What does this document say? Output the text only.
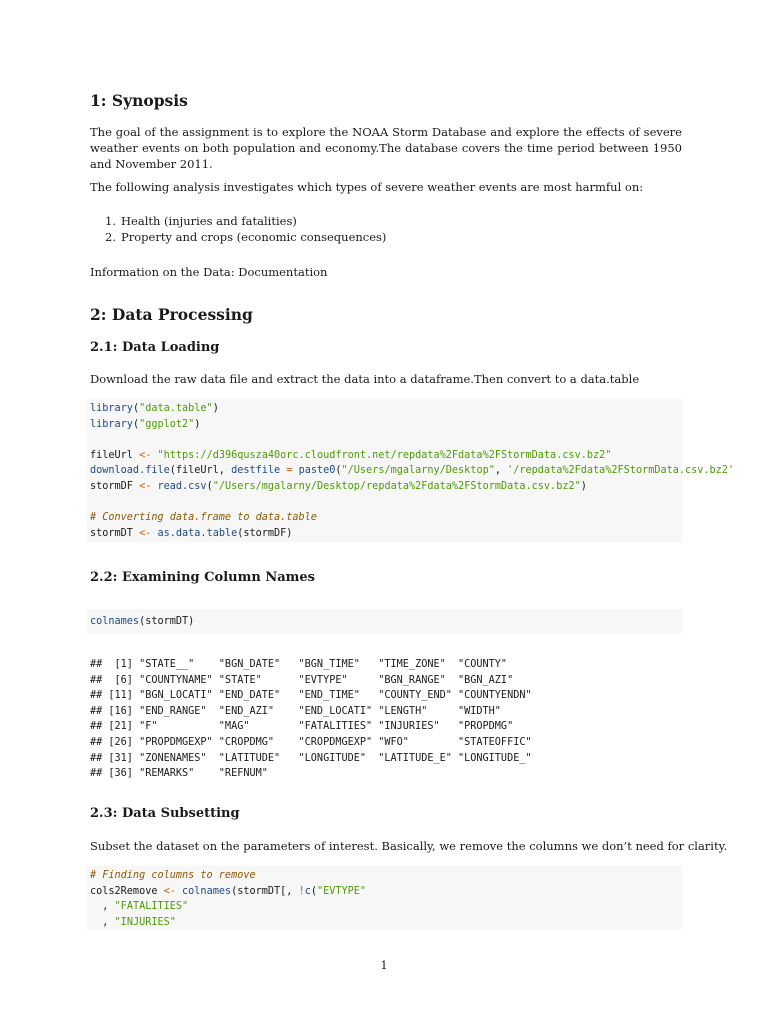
1: Synopsis

The goal of the assignment is to explore the NOAA Storm Database and explore the effects of severe weather events on both population and economy.The database covers the time period between 1950 and November 2011.

The following analysis investigates which types of severe weather events are most harmful on:

1. Health (injuries and fatalities)
2. Property and crops (economic consequences)

Information on the Data: Documentation

2: Data Processing
2.1: Data Loading

Download the raw data file and extract the data into a dataframe.Then convert to a data.table

library("data.table")
library("ggplot2")

fileUrl <- "https://d396qusza40orc.cloudfront.net/repdata%2Fdata%2FStormData.csv.bz2"
download.file(fileUrl, destfile = paste0("/Users/mgalarny/Desktop", '/repdata%2Fdata%2FStormData.csv.bz2'
stormDF <- read.csv("/Users/mgalarny/Desktop/repdata%2Fdata%2FStormData.csv.bz2")

# Converting data.frame to data.table
stormDT <- as.data.table(stormDF)
2.2: Examining Column Names
colnames(stormDT)
##  [1] "STATE__"    "BGN_DATE"   "BGN_TIME"   "TIME_ZONE"  "COUNTY"
##  [6] "COUNTYNAME" "STATE"      "EVTYPE"     "BGN_RANGE"  "BGN_AZI"
## [11] "BGN_LOCATI" "END_DATE"   "END_TIME"   "COUNTY_END" "COUNTYENDN"
## [16] "END_RANGE"  "END_AZI"    "END_LOCATI" "LENGTH"     "WIDTH"
## [21] "F"          "MAG"        "FATALITIES" "INJURIES"   "PROPDMG"
## [26] "PROPDMGEXP" "CROPDMG"    "CROPDMGEXP" "WFO"        "STATEOFFIC"
## [31] "ZONENAMES"  "LATITUDE"   "LONGITUDE"  "LATITUDE_E" "LONGITUDE_"
## [36] "REMARKS"    "REFNUM"
2.3: Data Subsetting

Subset the dataset on the parameters of interest. Basically, we remove the columns we don’t need for clarity.

# Finding columns to remove
cols2Remove <- colnames(stormDT[, !c("EVTYPE"
, "FATALITIES"
, "INJURIES"
1
